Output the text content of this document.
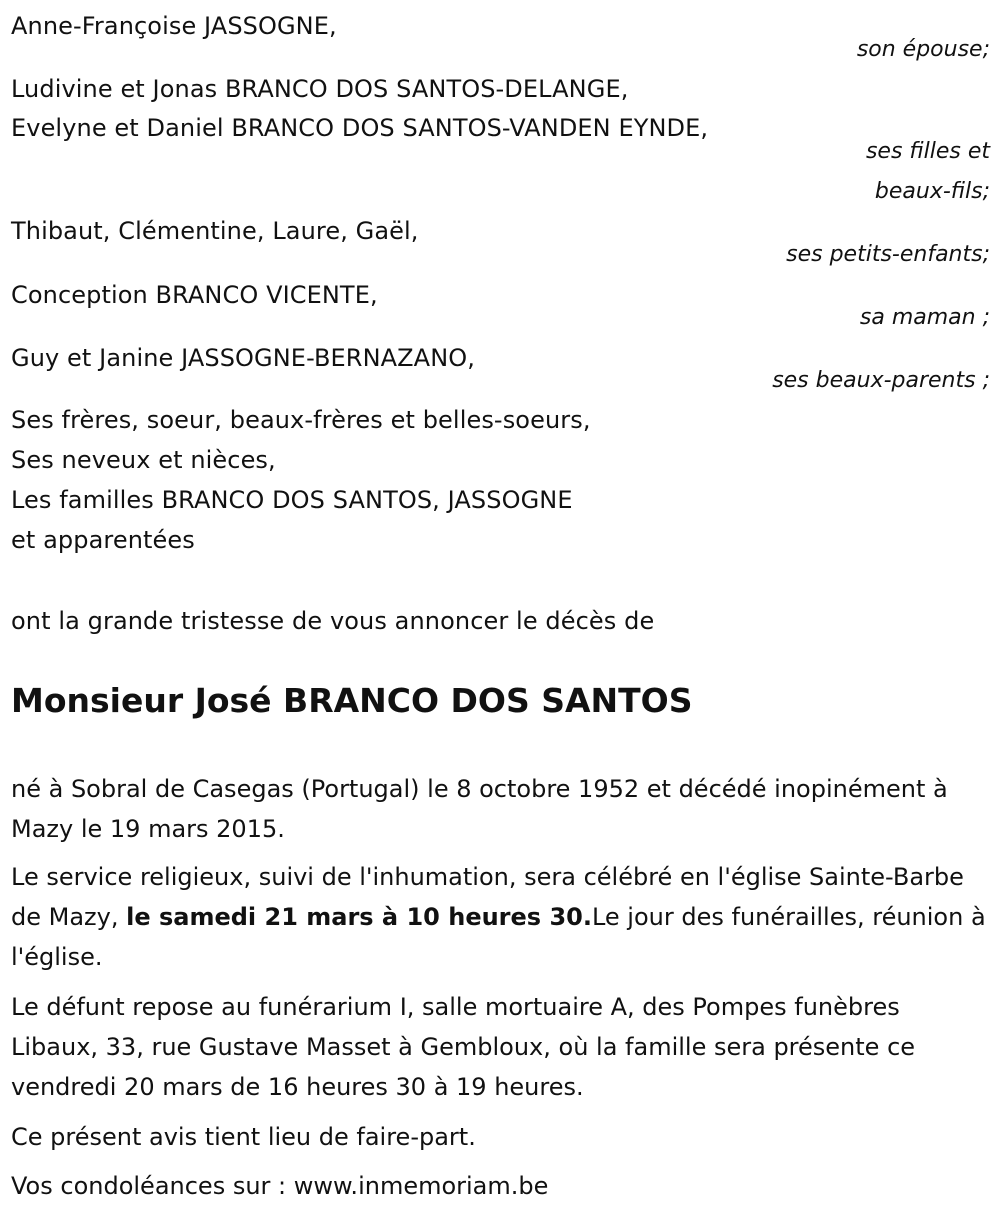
Anne-Françoise JASSOGNE,
son épouse;
Ludivine et Jonas BRANCO DOS SANTOS-DELANGE,
Evelyne et Daniel BRANCO DOS SANTOS-VANDEN EYNDE,
ses filles et
beaux-fils;
Thibaut, Clémentine, Laure, Gaël,
ses petits-enfants;
Conception BRANCO VICENTE,
sa maman ;
Guy et Janine JASSOGNE-BERNAZANO,
ses beaux-parents ;
Ses frères, soeur, beaux-frères et belles-soeurs,
Ses neveux et nièces,
Les familles BRANCO DOS SANTOS, JASSOGNE
et apparentées
ont la grande tristesse de vous annoncer le décès de
Monsieur José BRANCO DOS SANTOS
né à Sobral de Casegas (Portugal) le 8 octobre 1952 et décédé inopinément à Mazy le 19 mars 2015.
Le service religieux, suivi de l'inhumation, sera célébré en l'église Sainte-Barbe de Mazy, le samedi 21 mars à 10 heures 30.Le jour des funérailles, réunion à l'église.
Le défunt repose au funérarium I, salle mortuaire A, des Pompes funèbres Libaux, 33, rue Gustave Masset à Gembloux, où la famille sera présente ce vendredi 20 mars de 16 heures 30 à 19 heures.
Ce présent avis tient lieu de faire-part.
Vos condoléances sur : www.inmemoriam.be
